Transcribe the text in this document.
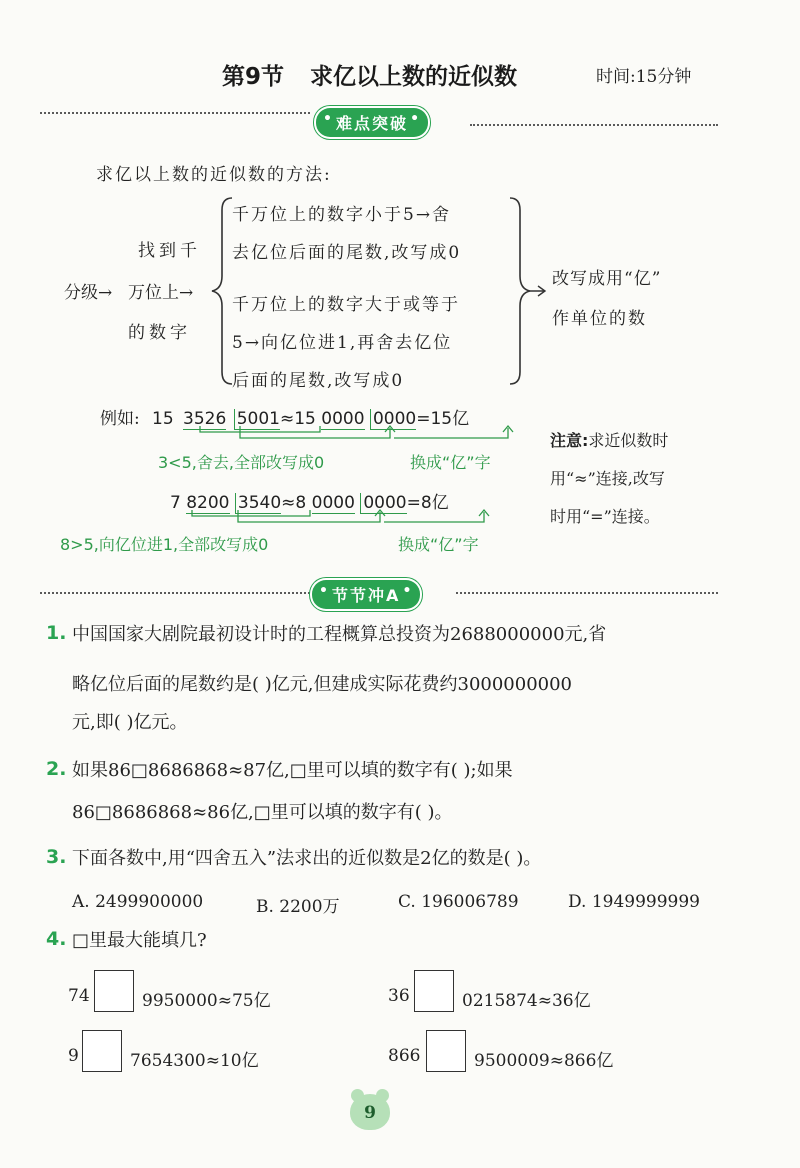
第9节 求亿以上数的近似数	时间:15分钟
• 难点突破 •
求亿以上数的近似数的方法:
分级→
找到千
万位上→
的数字
千万位上的数字小于5→舍
去亿位后面的尾数,改写成0
千万位上的数字大于或等于
5→向亿位进1,再舍去亿位
后面的尾数,改写成0
改写成用“亿”
作单位的数
例如: 15 3526 5001≈15 0000 0000=15亿
3<5,舍去,全部改写成0	换成“亿”字
7 8200 3540≈8 0000 0000=8亿
8>5,向亿位进1,全部改写成0	换成“亿”字
注意:求近似数时
用“≈”连接,改写
时用“=”连接。
• 节节冲A •
1. 中国国家大剧院最初设计时的工程概算总投资为2688000000元,省
略亿位后面的尾数约是( )亿元,但建成实际花费约3000000000
元,即( )亿元。
2. 如果86□8686868≈87亿,□里可以填的数字有( );如果
86□8686868≈86亿,□里可以填的数字有( )。
3. 下面各数中,用“四舍五入”法求出的近似数是2亿的数是( )。
A. 2499900000	B. 2200万	C. 196006789	D. 1949999999
4. □里最大能填几?
74	9950000≈75亿	36	0215874≈36亿
9	7654300≈10亿	866	9500009≈866亿
9
